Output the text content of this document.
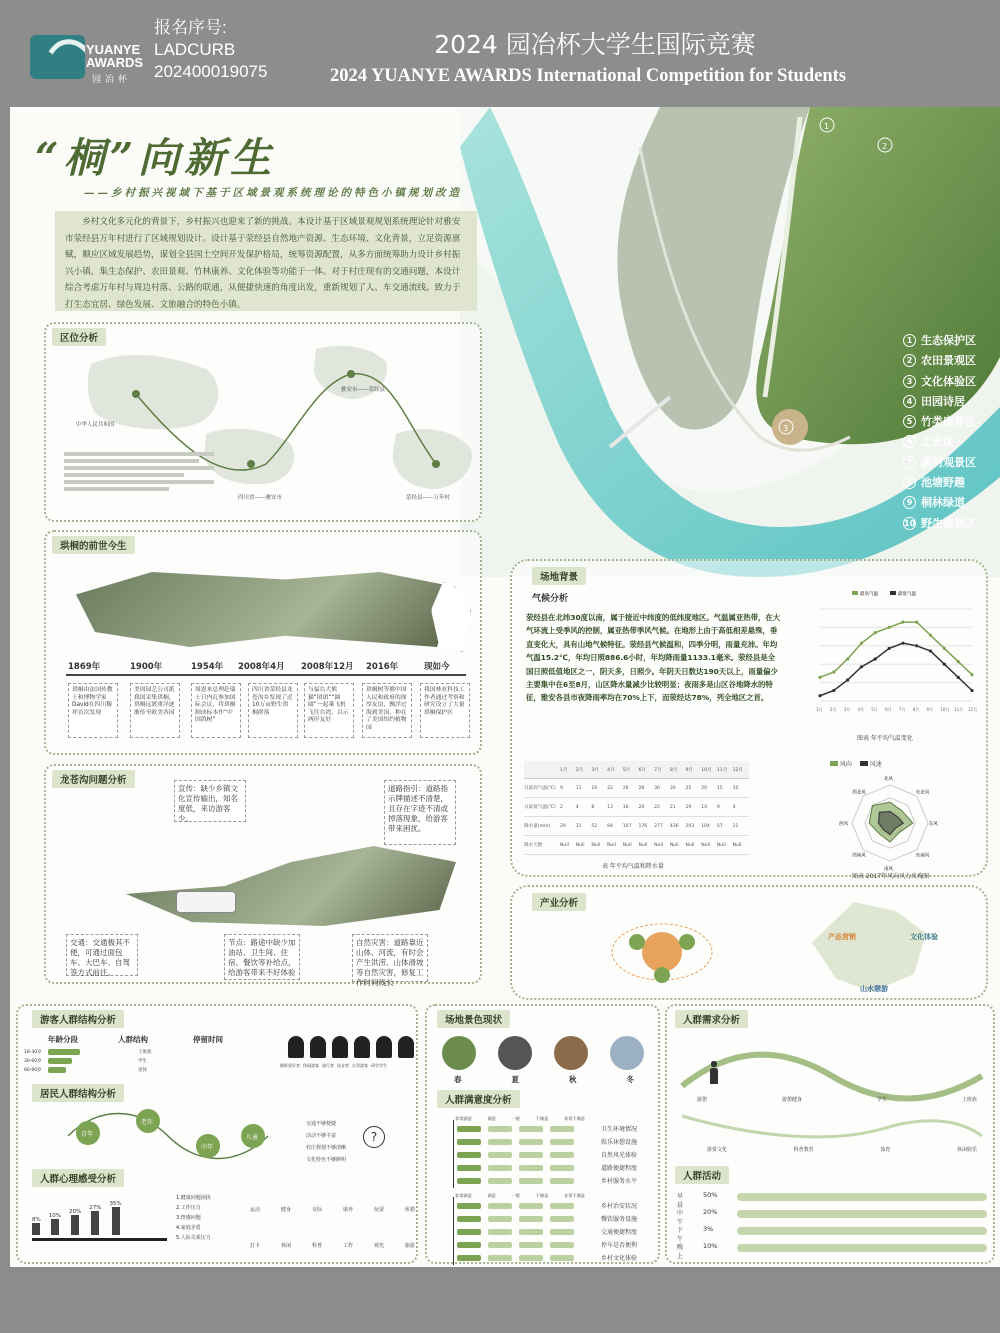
YUANYE
AWARDS
园冶杯
报名序号:
LADCURB
202400019075
2024 园冶杯大学生国际竞赛
2024 YUANYE AWARDS International Competition for Students
1
2
3
1 生态保护区
2 农田景观区
3 文化体验区
4 田园诗居
5 竹类康养区
6 工业区
7 溪河观景区
8 池塘野趣
9 桐林绿道
10 野生植物区
“桐”向新生
——乡村振兴视域下基于区域景观系统理论的特色小镇规划改造
乡村文化多元化的背景下，乡村振兴也迎来了新的挑战。本设计基于区域景观规划系统理论针对雅安市荥经县万年村进行了区域规划设计。设计基于荥经县自然地产资源、生态环境、文化背景，立足资源禀赋，顺应区域发展趋势，谋划全县国土空间开发保护格局，统筹资源配置，从多方面统筹助力设计乡村振兴小镇，集生态保护、农田景观、竹林康养、文化体验等功能于一体。对于村庄现有的交通问题，本设计综合考虑万年村与周边村落、公路的联通，从便捷快速的角度出发，重新规划了人、车交通流线。致力于打生态宜居、绿色发展、文旅融合的特色小镇。
区位分析
中华人民共和国
雅安市——荥经县
四川省——雅安市	荥经县——万年村
珙桐的前世今生
1869年	1900年	1954年 2008年4月 2008年12月 2016年	现如今
珙桐由法国传教士和博物学家David在四川穆坪首次发现
美国园艺公司派我国采集珙桐，珙桐远渡重洋逐渐传至欧美各国
周恩来总理赴瑞士日内瓦参加国际会议，将珙桐制成标本作“中国鸽树”
四川省荥经县龙苍沟乡发现了近10万亩野生珙桐群落
与福台大熊猫“团团”“圆圆”一起乘飞机飞往台湾，以示两岸友好
珙桐树等都中国人民和政府的深厚友谊，飘洋过海到美国，种在了美国纽约植物园
我国林业科技工作者通过考察和研究设立了大量珙桐保护区
龙苍沟问题分析
宣传：缺少乡镇文化宣传输出，知名度低，来访游客少。
道路指引：道路指示牌描述不清楚，且存在字迹不清或掉落现象，给游客带来困扰。
交通：交通极其不便，可通过面包车、大巴车、自驾等方式前往。
节点：路途中缺少加油站、卫生间、住宿、餐饮等补给点，给游客带来不好体验
自然灾害：道路靠近山体、河流，有时会产生洪涝、山体滑坡等自然灾害，修复工作时间线长
场地背景
气候分析
荥经县在北纬30度以南，属于接近中纬度的低纬度地区。气温属亚热带，在大气环流上受季风的控制，属亚热带季风气候。在地形上由于高低相差悬殊，垂直变化大，具有山地气候特征。荥经县气候温和，四季分明，雨量充沛。年均气温15.2℃，年均日照886.6小时，年均降雨量1133.1毫米。荥经县是全国日照低值地区之一，阴天多，日照少。年阴天日数达190天以上，雨量偏少主要集中在6至8月，山区降水量减少比较明显；夜雨多是山区谷地降水的特征，雅安各县市夜降雨率均在70%上下，而荥经达78%，列全地区之首。
1月 2月 3月 4月 5月 6月 7月 8月 9月 10月 11月 12月
最高气温	最低气温
图表 年平均气温变化
1月	2月	3月	4月	5月	6月	7月	8月	9月	10月	11月	12月
日最高气温(℃) 9	11	16	22	26	28	30	30	25	20	15	10
日最低气温(℃) 2	4	8	13	16	20	22	21	19	14	9	4
降水量(mm)	29	31	52	84	107	176	277	436	203	104	57	21
降水天数	Null	Null	Null	Null	Null	Null	Null	Null	Null	Null	Null	Null
表 年平均气温和降水量
风向	风速
北风
东北风
东风
东南风
南风
西南风
西风
西北风
图表 2017年风向风力玫瑰图
产业分析
产品营销	文化体验
山水憩游
游客人群结构分析
年龄分段	人群结构	停留时间
18-30岁
30-60岁
60-90岁
上班族
学生
退休
摄影爱好者 休闲游客 骑行者 徒步者 自驾游客 研学学生
居民人群结构分析
青年
老年
中年
儿童
交通不够便捷
活动不够丰富
村庄规划不够清晰
文化特色不够鲜明
?
人群心理感受分析
8%
10%
20%
27%
35%
1.健康问题困扰
2.工作压力
3.情感问题
4.家庭矛盾
5.人际关系压力
运动	健身	交际	康养	玩耍	休憩
打卡	休闲	科普	工作	观光	旅游
场地景色现状
春	夏	秋	冬
人群满意度分析
非常满意	满意	一般	不满意	非常不满意
卫生环境情况
娱乐休憩设施
自然风光体验
道路便捷程度
乡村服务水平
非常满意	满意	一般	不满意	非常不满意
乡村治安状况
餐饮服务设施
交通便捷程度
停车是否便利
乡村文化体验
人群需求分析
游憩	游憩健身	学生	上班族
游赏文化	科普教育	体育	休闲娱乐
人群活动
早晨
50%
中午
20%
下午
3%
晚上
10%
